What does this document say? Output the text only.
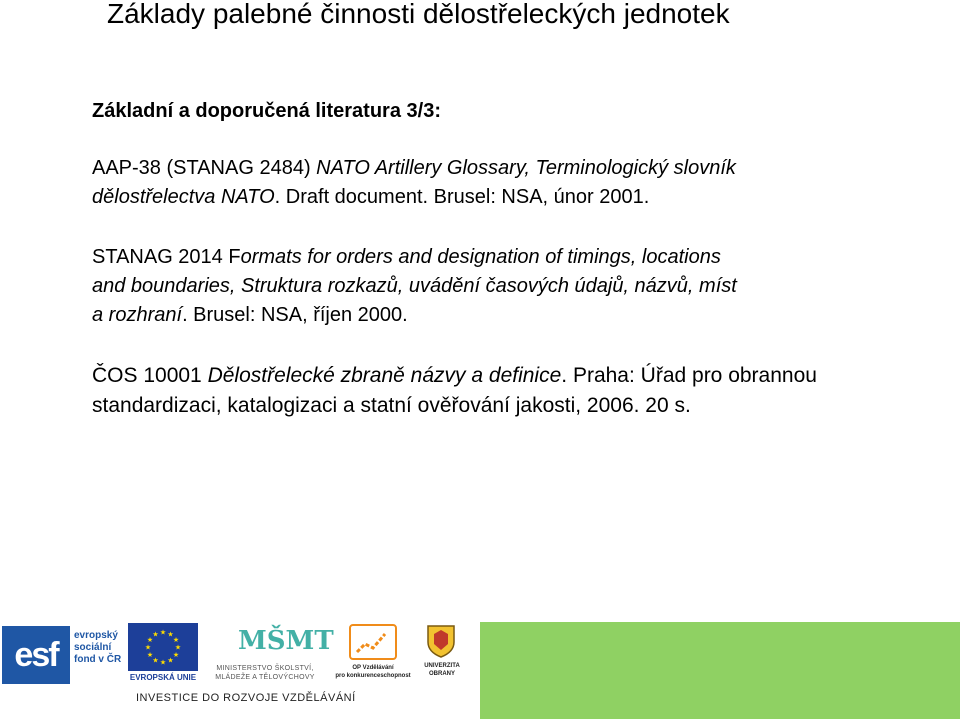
Základy palebné činnosti dělostřeleckých jednotek
Základní a doporučená literatura 3/3:
AAP-38 (STANAG 2484) NATO Artillery Glossary, Terminologický slovník
dělostřelectva NATO. Draft document. Brusel: NSA, únor 2001.
STANAG 2014 Formats for orders and designation of timings, locations
and boundaries, Struktura rozkazů, uvádění časových údajů, názvů, míst
a rozhraní. Brusel: NSA, říjen 2000.
ČOS 10001 Dělostřelecké zbraně názvy a definice. Praha: Úřad pro obrannou
standardizaci, katalogizaci a statní ověřování jakosti, 2006. 20 s.
esf
evropský
sociální
fond v ČR
★ ★
★
★
★
★
★
★
★
★
★
★
EVROPSKÁ UNIE
MŠMT
MINISTERSTVO ŠKOLSTVÍ,
MLÁDEŽE A TĚLOVÝCHOVY
OP Vzdělávání
pro konkurenceschopnost
UNIVERZITA
OBRANY
INVESTICE DO ROZVOJE VZDĚLÁVÁNÍ
